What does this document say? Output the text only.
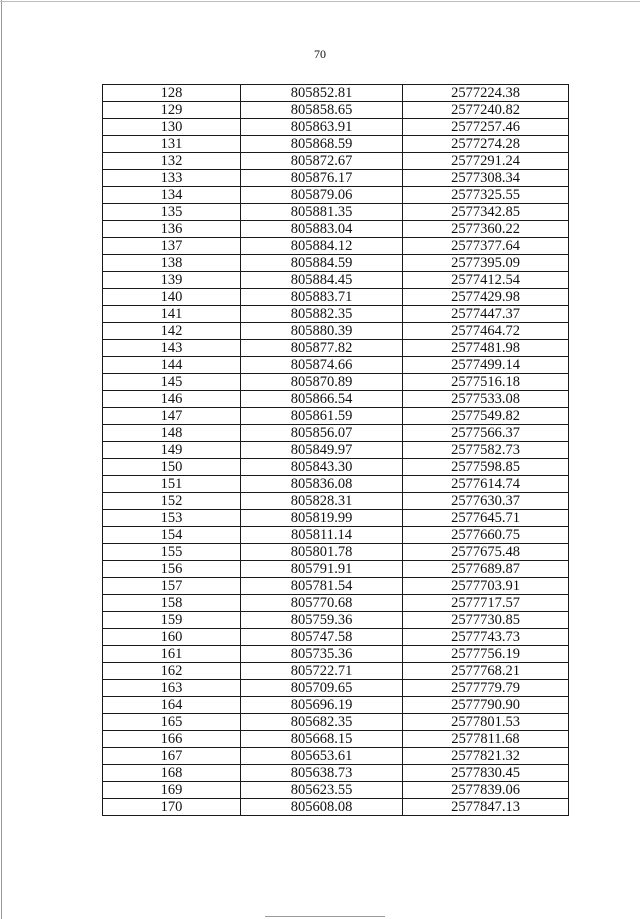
70
128	805852.81	2577224.38
129	805858.65	2577240.82
130	805863.91	2577257.46
131	805868.59	2577274.28
132	805872.67	2577291.24
133	805876.17	2577308.34
134	805879.06	2577325.55
135	805881.35	2577342.85
136	805883.04	2577360.22
137	805884.12	2577377.64
138	805884.59	2577395.09
139	805884.45	2577412.54
140	805883.71	2577429.98
141	805882.35	2577447.37
142	805880.39	2577464.72
143	805877.82	2577481.98
144	805874.66	2577499.14
145	805870.89	2577516.18
146	805866.54	2577533.08
147	805861.59	2577549.82
148	805856.07	2577566.37
149	805849.97	2577582.73
150	805843.30	2577598.85
151	805836.08	2577614.74
152	805828.31	2577630.37
153	805819.99	2577645.71
154	805811.14	2577660.75
155	805801.78	2577675.48
156	805791.91	2577689.87
157	805781.54	2577703.91
158	805770.68	2577717.57
159	805759.36	2577730.85
160	805747.58	2577743.73
161	805735.36	2577756.19
162	805722.71	2577768.21
163	805709.65	2577779.79
164	805696.19	2577790.90
165	805682.35	2577801.53
166	805668.15	2577811.68
167	805653.61	2577821.32
168	805638.73	2577830.45
169	805623.55	2577839.06
170	805608.08	2577847.13
